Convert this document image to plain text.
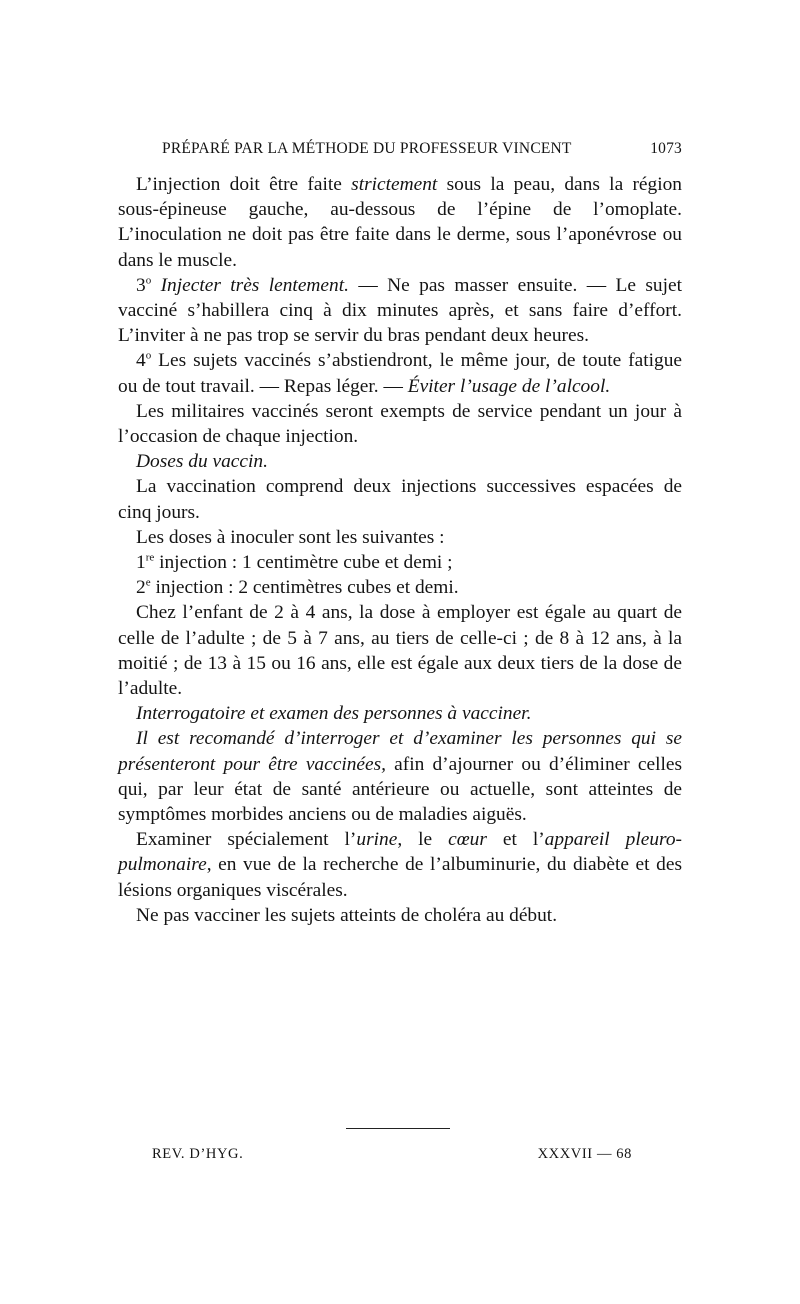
PRÉPARÉ PAR LA MÉTHODE DU PROFESSEUR VINCENT	1073

L’injection doit être faite strictement sous la peau, dans la région sous-épineuse gauche, au-dessous de l’épine de l’omoplate. L’inoculation ne doit pas être faite dans le derme, sous l’aponévrose ou dans le muscle.

3$^o$ Injecter très lentement. — Ne pas masser ensuite. — Le sujet vacciné s’habillera cinq à dix minutes après, et sans faire d’effort. L’inviter à ne pas trop se servir du bras pendant deux heures.

4$^o$ Les sujets vaccinés s’abstiendront, le même jour, de toute fatigue ou de tout travail. — Repas léger. — Éviter l’usage de l’alcool.

Les militaires vaccinés seront exempts de service pendant un jour à l’occasion de chaque injection.

Doses du vaccin.

La vaccination comprend deux injections successives espacées de cinq jours.

Les doses à inoculer sont les suivantes :

1re injection : 1 centimètre cube et demi ;

2e injection : 2 centimètres cubes et demi.

Chez l’enfant de 2 à 4 ans, la dose à employer est égale au quart de celle de l’adulte ; de 5 à 7 ans, au tiers de celle-ci ; de 8 à 12 ans, à la moitié ; de 13 à 15 ou 16 ans, elle est égale aux deux tiers de la dose de l’adulte.

Interrogatoire et examen des personnes à vacciner.

Il est recomandé d’interroger et d’examiner les personnes qui se présenteront pour être vaccinées, afin d’ajourner ou d’éliminer celles qui, par leur état de santé antérieure ou actuelle, sont atteintes de symptômes morbides anciens ou de maladies aiguës.

Examiner spécialement l’urine, le cœur et l’appareil pleuro-pulmonaire, en vue de la recherche de l’albuminurie, du diabète et des lésions organiques viscérales.

Ne pas vacciner les sujets atteints de choléra au début.

REV. D’HYG.	XXXVII — 68
